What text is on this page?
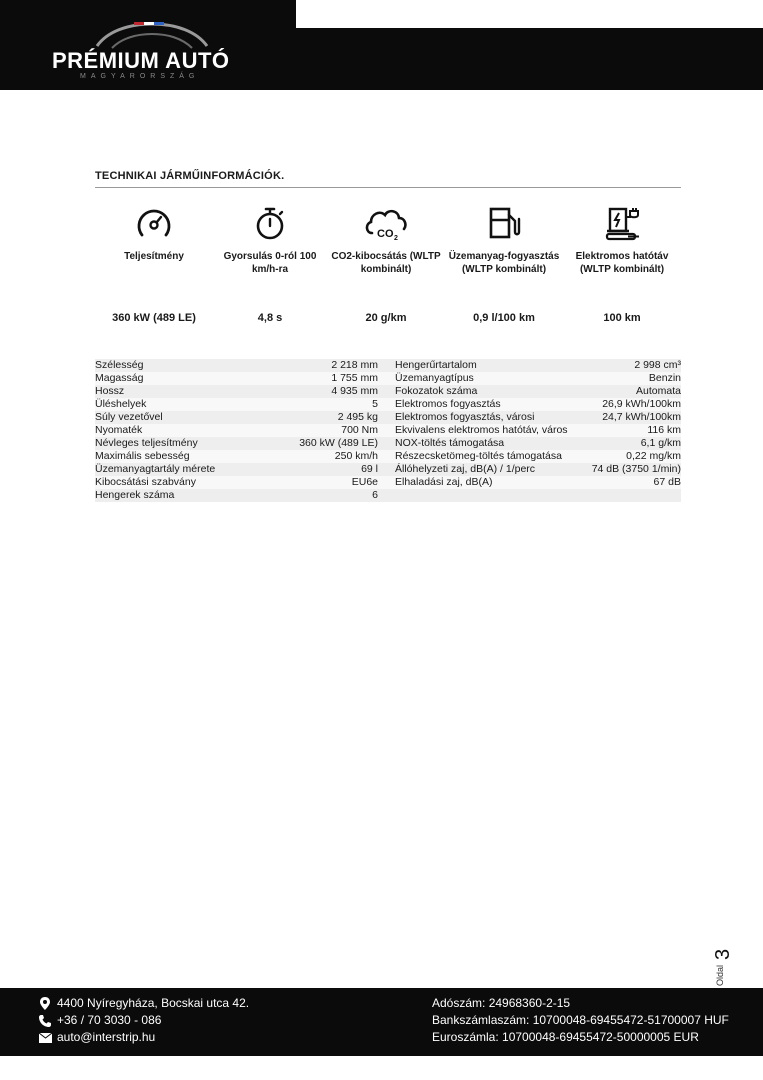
PRÉMIUM AUTÓ
MAGYARORSZÁG
TECHNIKAI JÁRMŰINFORMÁCIÓK.
Teljesítmény
360 kW (489 LE)
Gyorsulás 0-ról 100 km/h-ra
4,8 s
CO 2
CO2-kibocsátás (WLTP kombinált)
20 g/km
Üzemanyag-fogyasztás (WLTP kombinált)
0,9 l/100 km
Elektromos hatótáv (WLTP kombinált)
100 km
Szélesség	2 218 mm	Hengerűrtartalom	2 998 cm³
Magasság	1 755 mm	Üzemanyagtípus	Benzin
Hossz	4 935 mm	Fokozatok száma	Automata
Üléshelyek	5	Elektromos fogyasztás	26,9 kWh/100km
Súly vezetővel	2 495 kg	Elektromos fogyasztás, városi	24,7 kWh/100km
Nyomaték	700 Nm	Ekvivalens elektromos hatótáv, város	116 km
Névleges teljesítmény	360 kW (489 LE)	NOX-töltés támogatása	6,1 g/km
Maximális sebesség	250 km/h	Részecsketömeg-töltés támogatása	0,22 mg/km
Üzemanyagtartály mérete	69 l	Állóhelyzeti zaj, dB(A) / 1/perc	74 dB (3750 1/min)
Kibocsátási szabvány	EU6e	Elhaladási zaj, dB(A)	67 dB
Hengerek száma	6
Oldal
3
4400 Nyíregyháza, Bocskai utca 42.
+36 / 70 3030 - 086
auto@interstrip.hu
Adószám: 24968360-2-15
Bankszámlaszám: 10700048-69455472-51700007 HUF
Euroszámla: 10700048-69455472-50000005 EUR
